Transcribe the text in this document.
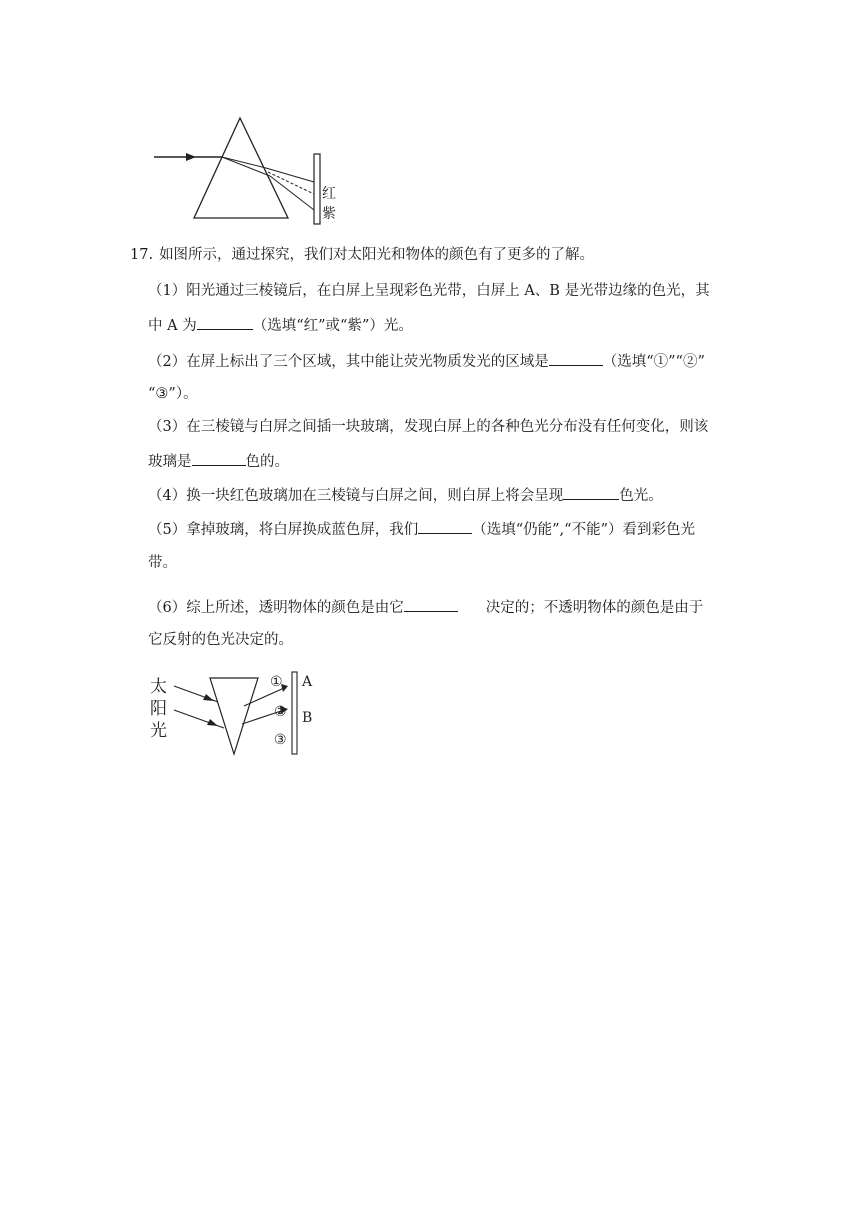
红
紫
17. 如图所示，通过探究，我们对太阳光和物体的颜色有了更多的了解。
（1）阳光通过三棱镜后，在白屏上呈现彩色光带，白屏上 A、B 是光带边缘的色光，其
中 A 为	（选填“红”或“紫”）光。
（2）在屏上标出了三个区域，其中能让荧光物质发光的区域是	（选填“①”“②”
“③”）。
（3）在三棱镜与白屏之间插一块玻璃，发现白屏上的各种色光分布没有任何变化，则该
玻璃是	色的。
（4）换一块红色玻璃加在三棱镜与白屏之间，则白屏上将会呈现	色光。
（5）拿掉玻璃，将白屏换成蓝色屏，我们	（选填“仍能”,“不能”）看到彩色光
带。
（6）综上所述，透明物体的颜色是由它	决定的；不透明物体的颜色是由于
它反射的色光决定的。
太
阳
光
①
②
③
A
B
